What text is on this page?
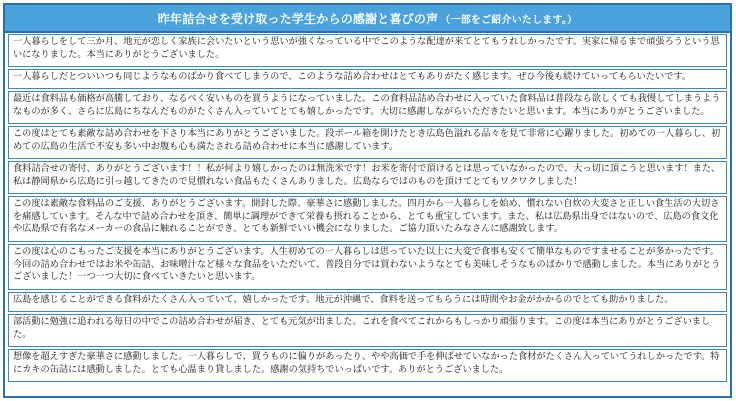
昨年詰合せを受け取った学生からの感謝と喜びの声 （一部をご紹介いたします。）
一人暮らしをして三か月、地元が恋しく家族に会いたいという思いが強くなっている中でこのような配達が来てとてもうれしかったです。実家に帰るまで頑張ろうという思いになりました。本当にありがとうございました。
一人暮らしだとついいつも同じようなものばかり食べてしまうので、このような詰め合わせはとてもありがたく感じます。ぜひ今後も続けていってもらいたいです。
最近は食料品も価格が高騰しており、なるべく安いものを買うようになっていました。この食料品詰め合わせに入っていた食料品は普段なら欲しくても我慢してしまうようなものが多く、さらに広島にちなんだものがたくさん入っていてとても嬉しかったです。大切に感謝しながらいただきたいと思います。本当にありがとうございました。
この度はとても素敵な詰め合わせを下さり本当にありがとうございました。段ボール箱を開けたとき広島色溢れる品々を見て非常に心躍りました。初めての一人暮らし、初めての広島の生活で不安も多い中お腹も心も満たされる詰め合わせに本当に感謝しています。
食料詰合せの寄付、ありがとうございます！！私が何より嬉しかったのは無洗米です！お米を寄付で頂けるとは思っていなかったので、大っ切に頂こうと思います！また、私は静岡県から広島に引っ越してきたので見慣れない食品もたくさんありました。広島ならではのものを頂けてとてもワクワクしました！
この度は素敵な食料品のご支援、ありがとうございます。開封した際、豪華さに感動しました。四月から一人暮らしを始め、慣れない自炊の大変さと正しい食生活の大切さを痛感しています。そんな中で詰め合わせを頂き、簡単に調理ができて栄養も摂れることから、とても重宝しています。また、私は広島県出身ではないので、広島の食文化や広島県で有名なメーカーの食品に触れることができ、とても新鮮でいい機会になりました。ご協力頂いたみなさんに感謝致します。
この度は心のこもったご支援を本当にありがとうございます。人生初めての一人暮らしは思っていた以上に大変で食事も安くて簡単なものですませることが多かったです。今回の詰め合わせではお米や缶詰、お味噌汁など様々な食品をいただいて、普段自分では買わないようなとても美味しそうなものばかりで感動しました。本当にありがとうございました！一つ一つ大切に食べていきたいと思います。
広島を感じることができる食料がたくさん入っていて、嬉しかったです。地元が沖縄で、食料を送ってもらうには時間やお金がかかるのでとても助かりました。
部活動に勉強に追われる毎日の中でこの詰め合わせが届き、とても元気が出ました。これを食べてこれからもしっかり頑張ります。この度は本当にありがとうございました。
想像を超えすぎた豪華さに感動しました。一人暮らしで、買うものに偏りがあったり、やや高価で手を伸ばせていなかった食材がたくさん入っていてうれしかったです。特にカキの缶詰には感動しました。とても心温まり貸しました。感謝の気持ちでいっぱいです。ありがとうございました。
